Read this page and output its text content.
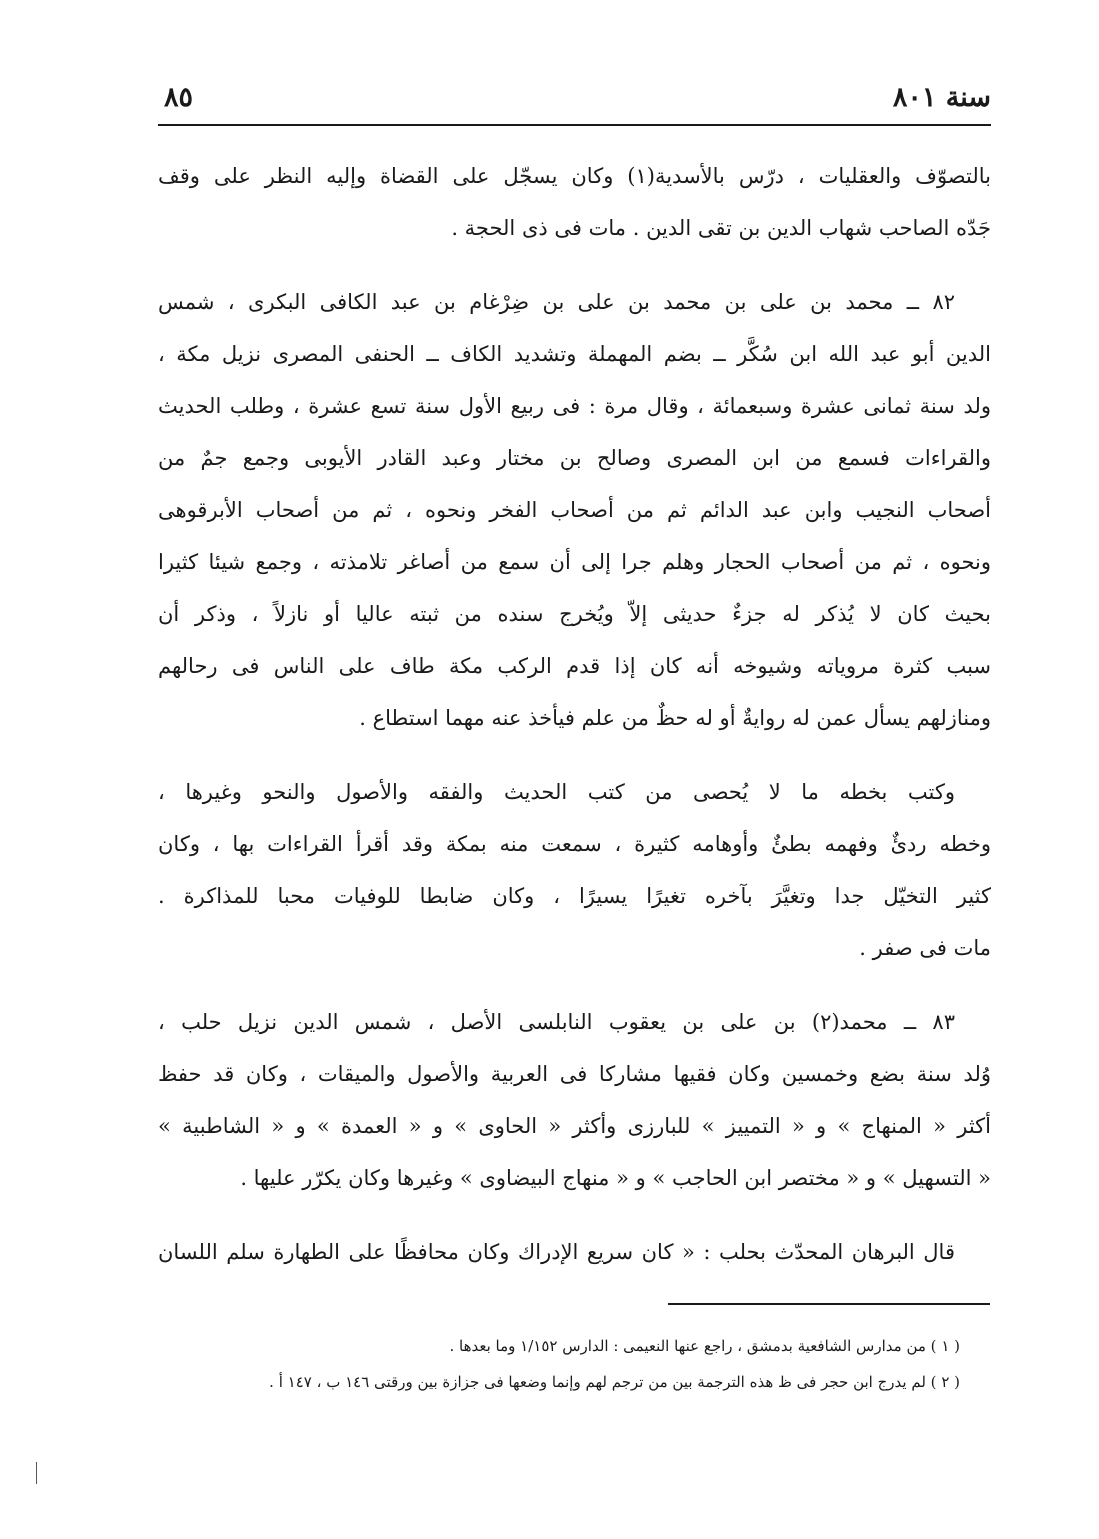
سنة ٨٠١
٨٥
بالتصوّف والعقليات ، درّس بالأسدية(١) وكان يسجّل على القضاة وإليه النظر على وقف
جَدّه الصاحب شهاب الدين بن تقى الدين . مات فى ذى الحجة .
٨٢ ــ محمد بن على بن محمد بن على بن ضِرْغام بن عبد الكافى البكرى ، شمس
الدين أبو عبد الله ابن سُكَّر ــ بضم المهملة وتشديد الكاف ــ الحنفى المصرى نزيل مكة ،
ولد سنة ثمانى عشرة وسبعمائة ، وقال مرة : فى ربيع الأول سنة تسع عشرة ، وطلب الحديث
والقراءات فسمع من ابن المصرى وصالح بن مختار وعبد القادر الأيوبى وجمع جمٌ من
أصحاب النجيب وابن عبد الدائم ثم من أصحاب الفخر ونحوه ، ثم من أصحاب الأبرقوهى
ونحوه ، ثم من أصحاب الحجار وهلم جرا إلى أن سمع من أصاغر تلامذته ، وجمع شيئا كثيرا
بحيث كان لا يُذكر له جزءٌ حديثى إلاّ ويُخرج سنده من ثبته عاليا أو نازلاً ، وذكر أن
سبب كثرة مروياته وشيوخه أنه كان إذا قدم الركب مكة طاف على الناس فى رحالهم
ومنازلهم يسأل عمن له روايةٌ أو له حظٌ من علم فيأخذ عنه مهما استطاع .
وكتب بخطه ما لا يُحصى من كتب الحديث والفقه والأصول والنحو وغيرها ،
وخطه ردئٌ وفهمه بطئٌ وأوهامه كثيرة ، سمعت منه بمكة وقد أقرأ القراءات بها ، وكان
كثير التخيّل جدا وتغيَّرَ بآخره تغيرًا يسيرًا ، وكان ضابطا للوفيات محبا للمذاكرة .
مات فى صفر .
٨٣ ــ محمد(٢) بن على بن يعقوب النابلسى الأصل ، شمس الدين نزيل حلب ،
وُلد سنة بضع وخمسين وكان فقيها مشاركا فى العربية والأصول والميقات ، وكان قد حفظ
أكثر « المنهاج » و « التمييز » للبارزى وأكثر « الحاوى » و « العمدة » و « الشاطبية »
« التسهيل » و « مختصر ابن الحاجب » و « منهاج البيضاوى » وغيرها وكان يكرّر عليها .
قال البرهان المحدّث بحلب : « كان سريع الإدراك وكان محافظًا على الطهارة سلم اللسان
( ١ ) من مدارس الشافعية بدمشق ، راجع عنها النعيمى : الدارس ١/١٥٢ وما بعدها .
( ٢ ) لم يدرج ابن حجر فى ظ هذه الترجمة بين من ترجم لهم وإنما وضعها فى جزازة بين ورقتى ١٤٦ ب ، ١٤٧ أ .
